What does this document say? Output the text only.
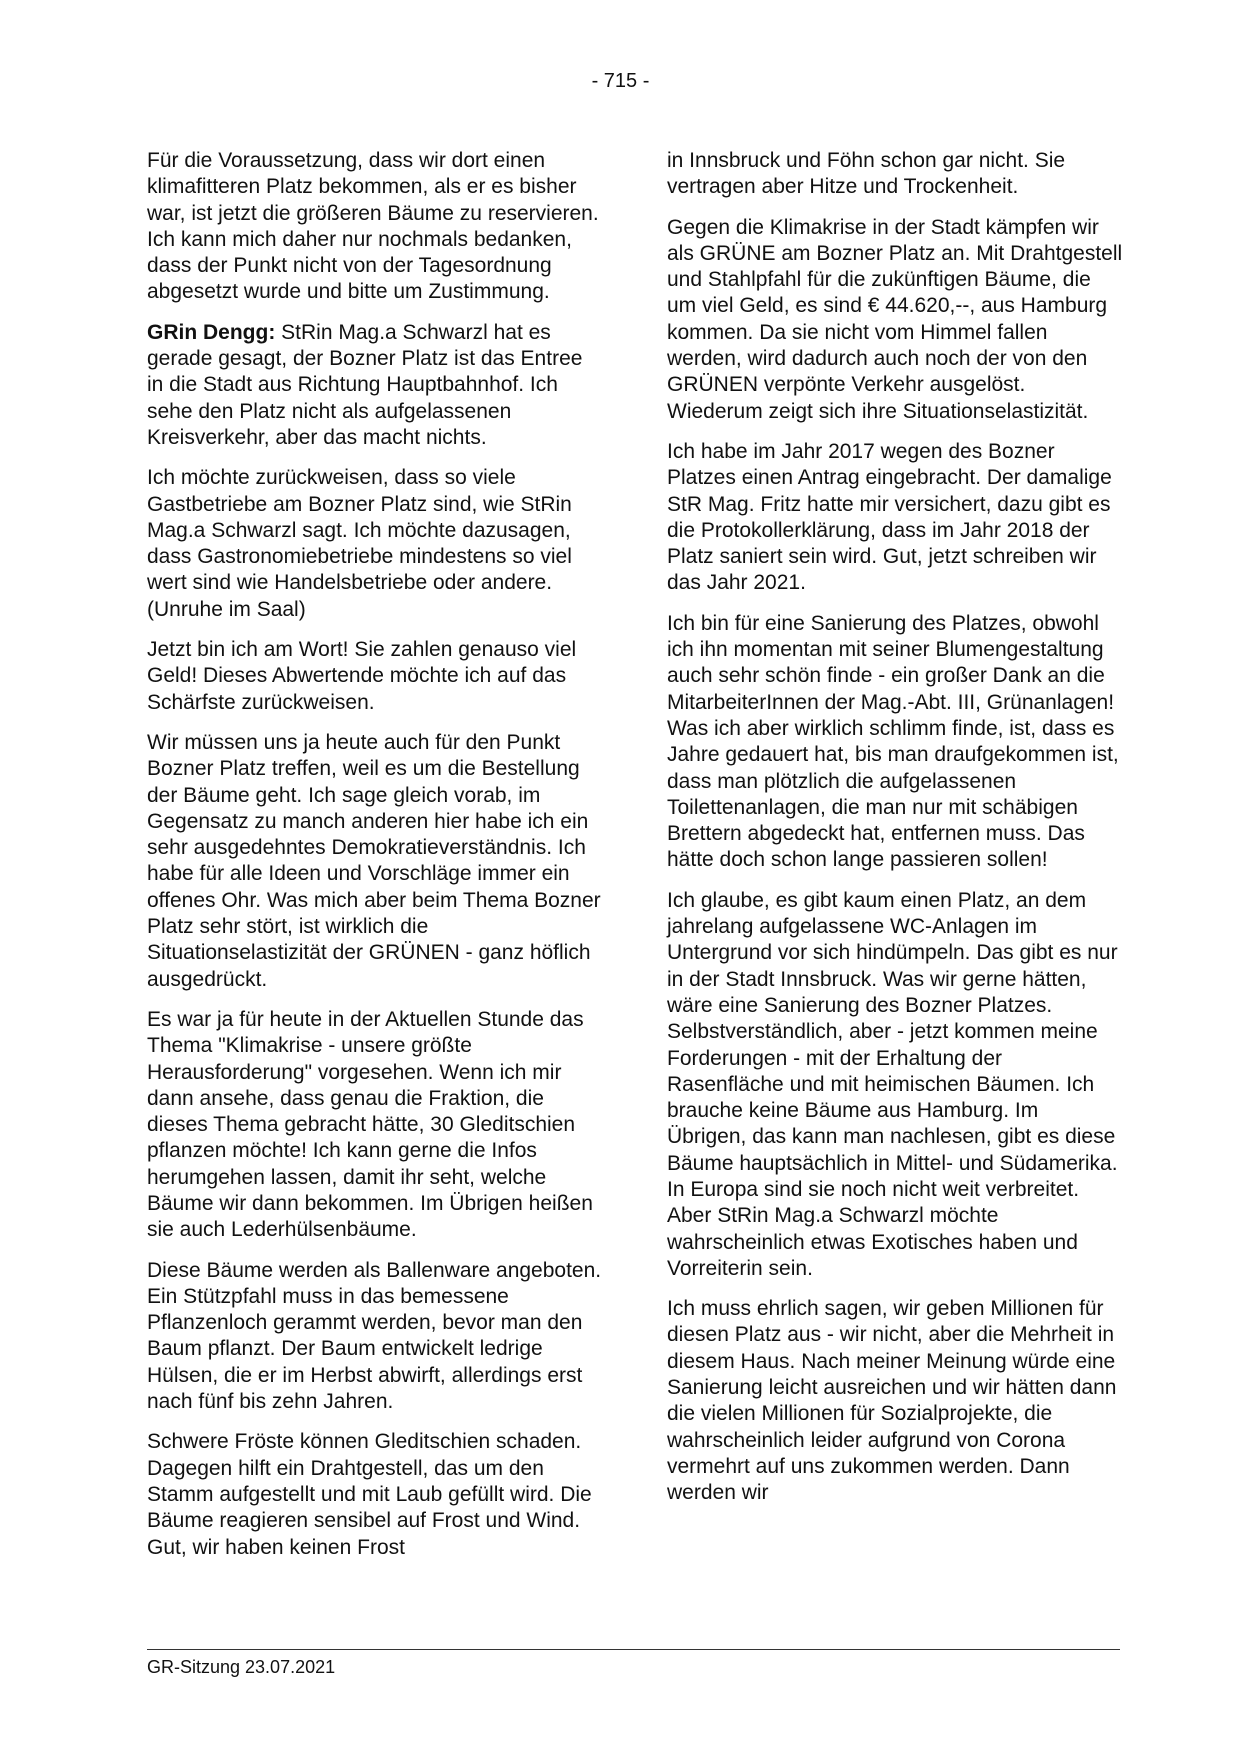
- 715 -

Für die Voraussetzung, dass wir dort einen klimafitteren Platz bekommen, als er es bisher war, ist jetzt die größeren Bäume zu reservieren. Ich kann mich daher nur nochmals bedanken, dass der Punkt nicht von der Tagesordnung abgesetzt wurde und bitte um Zustimmung.

GRin Dengg: StRin Mag.a Schwarzl hat es gerade gesagt, der Bozner Platz ist das Entree in die Stadt aus Richtung Hauptbahnhof. Ich sehe den Platz nicht als aufgelassenen Kreisverkehr, aber das macht nichts.

Ich möchte zurückweisen, dass so viele Gastbetriebe am Bozner Platz sind, wie StRin Mag.a Schwarzl sagt. Ich möchte dazusagen, dass Gastronomiebetriebe mindestens so viel wert sind wie Handelsbetriebe oder andere. (Unruhe im Saal)

Jetzt bin ich am Wort! Sie zahlen genauso viel Geld! Dieses Abwertende möchte ich auf das Schärfste zurückweisen.

Wir müssen uns ja heute auch für den Punkt Bozner Platz treffen, weil es um die Bestellung der Bäume geht. Ich sage gleich vorab, im Gegensatz zu manch anderen hier habe ich ein sehr ausgedehntes Demokratieverständnis. Ich habe für alle Ideen und Vorschläge immer ein offenes Ohr. Was mich aber beim Thema Bozner Platz sehr stört, ist wirklich die Situationselastizität der GRÜNEN - ganz höflich ausgedrückt.

Es war ja für heute in der Aktuellen Stunde das Thema "Klimakrise - unsere größte Herausforderung" vorgesehen. Wenn ich mir dann ansehe, dass genau die Fraktion, die dieses Thema gebracht hätte, 30 Gleditschien pflanzen möchte! Ich kann gerne die Infos herumgehen lassen, damit ihr seht, welche Bäume wir dann bekommen. Im Übrigen heißen sie auch Lederhülsenbäume.

Diese Bäume werden als Ballenware angeboten. Ein Stützpfahl muss in das bemessene Pflanzenloch gerammt werden, bevor man den Baum pflanzt. Der Baum entwickelt ledrige Hülsen, die er im Herbst abwirft, allerdings erst nach fünf bis zehn Jahren.

Schwere Fröste können Gleditschien schaden. Dagegen hilft ein Drahtgestell, das um den Stamm aufgestellt und mit Laub gefüllt wird. Die Bäume reagieren sensibel auf Frost und Wind. Gut, wir haben keinen Frost

in Innsbruck und Föhn schon gar nicht. Sie vertragen aber Hitze und Trockenheit.

Gegen die Klimakrise in der Stadt kämpfen wir als GRÜNE am Bozner Platz an. Mit Drahtgestell und Stahlpfahl für die zukünftigen Bäume, die um viel Geld, es sind € 44.620,--, aus Hamburg kommen. Da sie nicht vom Himmel fallen werden, wird dadurch auch noch der von den GRÜNEN verpönte Verkehr ausgelöst. Wiederum zeigt sich ihre Situationselastizität.

Ich habe im Jahr 2017 wegen des Bozner Platzes einen Antrag eingebracht. Der damalige StR Mag. Fritz hatte mir versichert, dazu gibt es die Protokollerklärung, dass im Jahr 2018 der Platz saniert sein wird. Gut, jetzt schreiben wir das Jahr 2021.

Ich bin für eine Sanierung des Platzes, obwohl ich ihn momentan mit seiner Blumengestaltung auch sehr schön finde - ein großer Dank an die MitarbeiterInnen der Mag.-Abt. III, Grünanlagen! Was ich aber wirklich schlimm finde, ist, dass es Jahre gedauert hat, bis man draufgekommen ist, dass man plötzlich die aufgelassenen Toilettenanlagen, die man nur mit schäbigen Brettern abgedeckt hat, entfernen muss. Das hätte doch schon lange passieren sollen!

Ich glaube, es gibt kaum einen Platz, an dem jahrelang aufgelassene WC-Anlagen im Untergrund vor sich hindümpeln. Das gibt es nur in der Stadt Innsbruck. Was wir gerne hätten, wäre eine Sanierung des Bozner Platzes. Selbstverständlich, aber - jetzt kommen meine Forderungen - mit der Erhaltung der Rasenfläche und mit heimischen Bäumen. Ich brauche keine Bäume aus Hamburg. Im Übrigen, das kann man nachlesen, gibt es diese Bäume hauptsächlich in Mittel- und Südamerika. In Europa sind sie noch nicht weit verbreitet. Aber StRin Mag.a Schwarzl möchte wahrscheinlich etwas Exotisches haben und Vorreiterin sein.

Ich muss ehrlich sagen, wir geben Millionen für diesen Platz aus - wir nicht, aber die Mehrheit in diesem Haus. Nach meiner Meinung würde eine Sanierung leicht ausreichen und wir hätten dann die vielen Millionen für Sozialprojekte, die wahrscheinlich leider aufgrund von Corona vermehrt auf uns zukommen werden. Dann werden wir

GR-Sitzung 23.07.2021
